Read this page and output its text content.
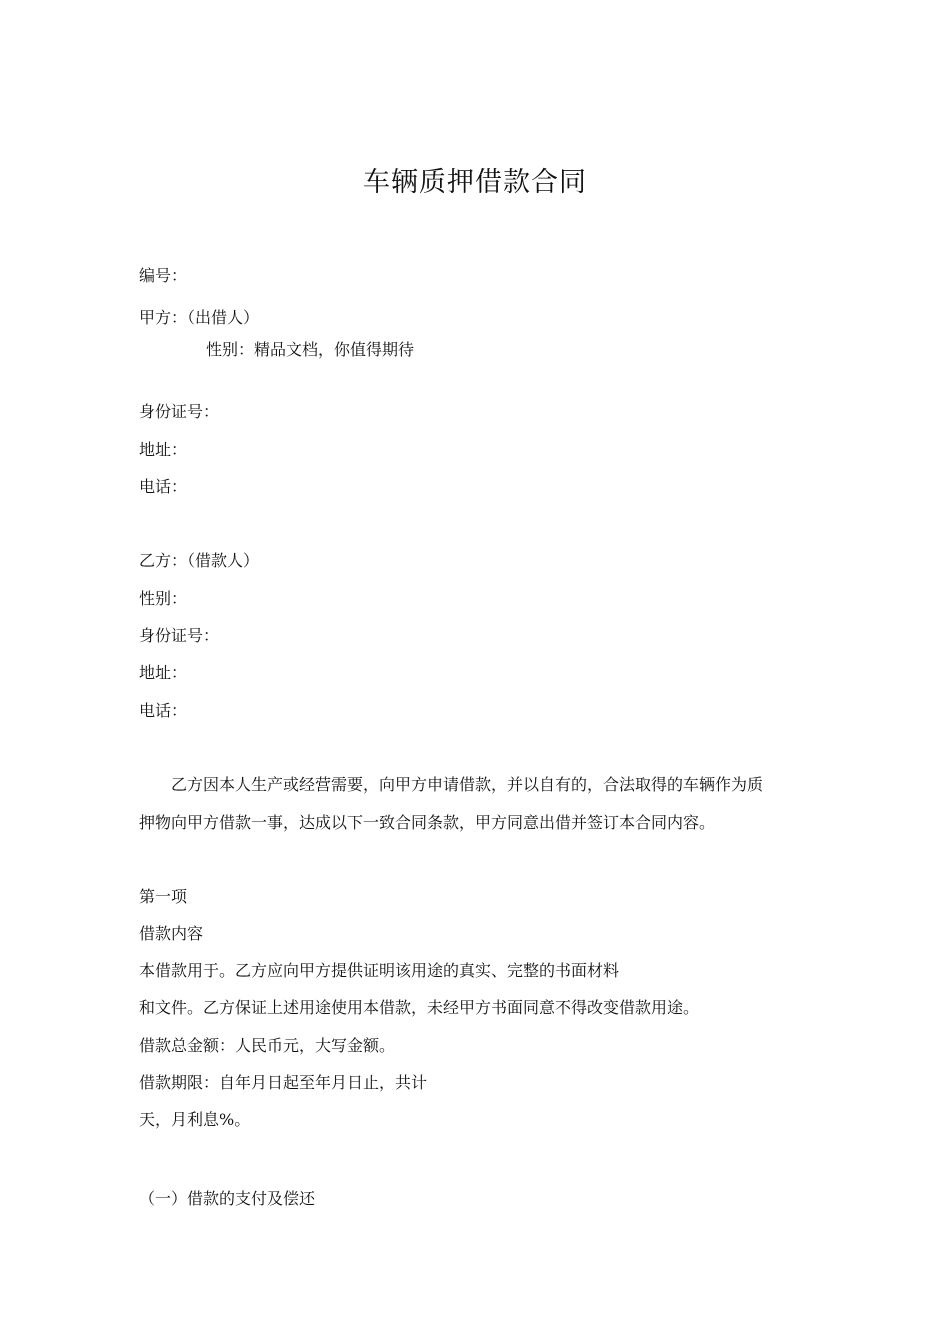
车辆质押借款合同
编号：
甲方：（出借人）
性别：精品文档，你值得期待
身份证号：
地址：
电话：
乙方：（借款人）
性别：
身份证号：
地址：
电话：
乙方因本人生产或经营需要，向甲方申请借款，并以自有的，合法取得的车辆作为质
押物向甲方借款一事，达成以下一致合同条款，甲方同意出借并签订本合同内容。
第一项
借款内容
本借款用于。乙方应向甲方提供证明该用途的真实、完整的书面材料
和文件。乙方保证上述用途使用本借款，未经甲方书面同意不得改变借款用途。
借款总金额：人民币元，大写金额。
借款期限：自年月日起至年月日止，共计
天，月利息%。
（一）借款的支付及偿还
